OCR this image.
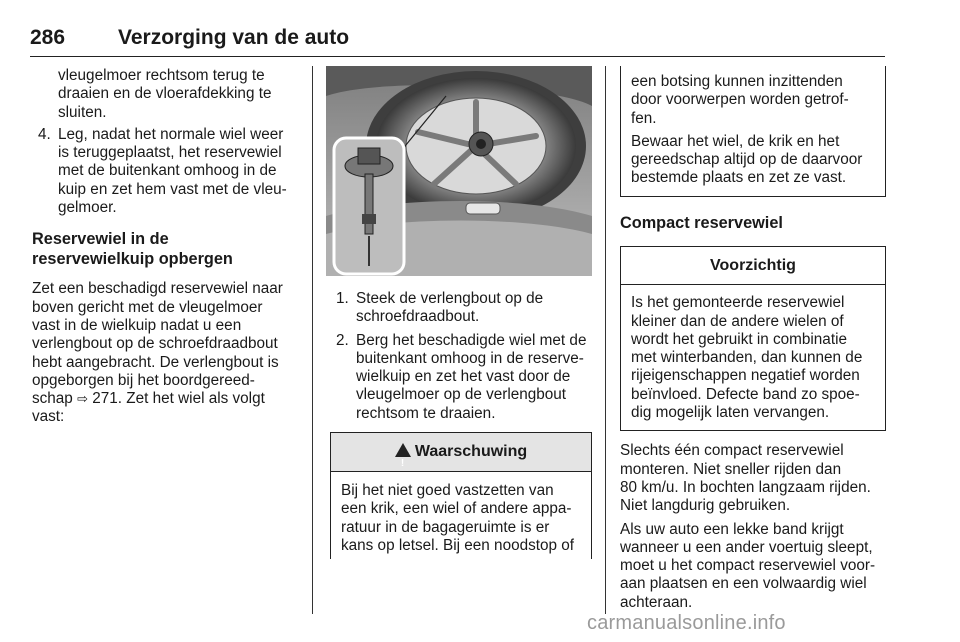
286	Verzorging van de auto

vleugelmoer rechtsom terug te

draaien en de vloerafdekking te

sluiten.

4. Leg, nadat het normale wiel weer

is teruggeplaatst, het reservewiel

met de buitenkant omhoog in de

kuip en zet hem vast met de vleu-

gelmoer.

Reservewiel in de

reservewielkuip opbergen

Zet een beschadigd reservewiel naar

boven gericht met de vleugelmoer

vast in de wielkuip nadat u een

verlengbout op de schroefdraadbout

hebt aangebracht. De verlengbout is

opgeborgen bij het boordgereed-

schap ⇨ 271. Zet het wiel als volgt

vast:

1. Steek de verlengbout op de

schroefdraadbout.

2. Berg het beschadigde wiel met de

buitenkant omhoog in de reserve-

wielkuip en zet het vast door de

vleugelmoer op de verlengbout

rechtsom te draaien.

!Waarschuwing

Bij het niet goed vastzetten van

een krik, een wiel of andere appa-

ratuur in de bagageruimte is er

kans op letsel. Bij een noodstop of

een botsing kunnen inzittenden

door voorwerpen worden getrof-

fen.

Bewaar het wiel, de krik en het

gereedschap altijd op de daarvoor

bestemde plaats en zet ze vast.

Compact reservewiel
Voorzichtig

Is het gemonteerde reservewiel

kleiner dan de andere wielen of

wordt het gebruikt in combinatie

met winterbanden, dan kunnen de

rijeigenschappen negatief worden

beïnvloed. Defecte band zo spoe-

dig mogelijk laten vervangen.

Slechts één compact reservewiel

monteren. Niet sneller rijden dan

80 km/u. In bochten langzaam rijden.

Niet langdurig gebruiken.

Als uw auto een lekke band krijgt

wanneer u een ander voertuig sleept,

moet u het compact reservewiel voor-

aan plaatsen en een volwaardig wiel

achteraan.

carmanualsonline.info
